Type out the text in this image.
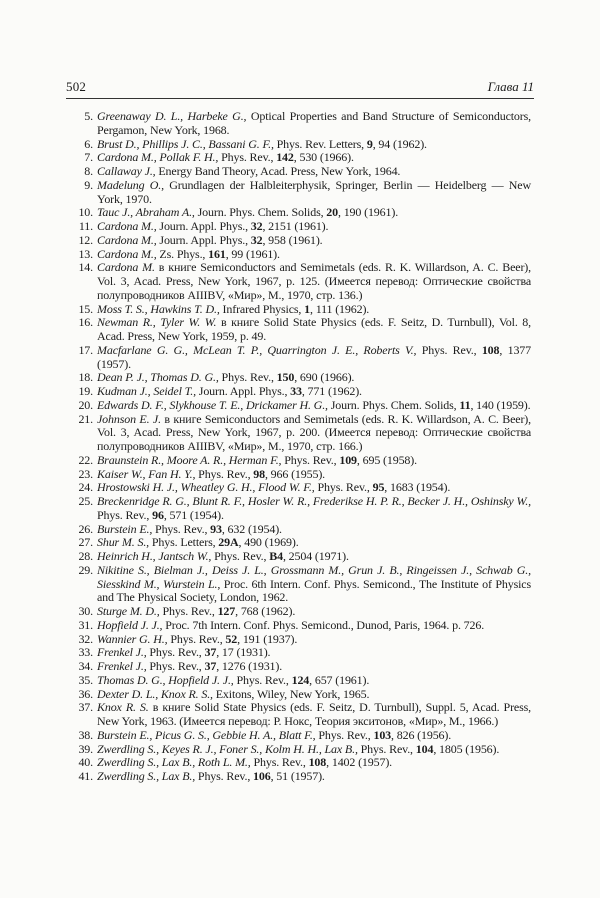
502	Глава 11
5. Greenaway D. L., Harbeke G., Optical Properties and Band Structure of Semiconductors, Pergamon, New York, 1968.
6. Brust D., Phillips J. C., Bassani G. F., Phys. Rev. Letters, 9, 94 (1962).
7. Cardona M., Pollak F. H., Phys. Rev., 142, 530 (1966).
8. Callaway J., Energy Band Theory, Acad. Press, New York, 1964.
9. Madelung O., Grundlagen der Halbleiterphysik, Springer, Berlin — Heidelberg — New York, 1970.
10. Tauc J., Abraham A., Journ. Phys. Chem. Solids, 20, 190 (1961).
11. Cardona M., Journ. Appl. Phys., 32, 2151 (1961).
12. Cardona M., Journ. Appl. Phys., 32, 958 (1961).
13. Cardona M., Zs. Phys., 161, 99 (1961).
14. Cardona M. в книге Semiconductors and Semimetals (eds. R. K. Willardson, A. C. Beer), Vol. 3, Acad. Press, New York, 1967, p. 125. (Имеется перевод: Оптические свойства полупроводников AIIIBV, «Мир», М., 1970, стр. 136.)
15. Moss T. S., Hawkins T. D., Infrared Physics, 1, 111 (1962).
16. Newman R., Tyler W. W. в книге Solid State Physics (eds. F. Seitz, D. Turnbull), Vol. 8, Acad. Press, New York, 1959, p. 49.
17. Macfarlane G. G., McLean T. P., Quarrington J. E., Roberts V., Phys. Rev., 108, 1377 (1957).
18. Dean P. J., Thomas D. G., Phys. Rev., 150, 690 (1966).
19. Kudman J., Seidel T., Journ. Appl. Phys., 33, 771 (1962).
20. Edwards D. F., Slykhouse T. E., Drickamer H. G., Journ. Phys. Chem. Solids, 11, 140 (1959).
21. Johnson E. J. в книге Semiconductors and Semimetals (eds. R. K. Willardson, A. C. Beer), Vol. 3, Acad. Press, New York, 1967, p. 200. (Имеется перевод: Оптические свойства полупроводников AIIIBV, «Мир», М., 1970, стр. 166.)
22. Braunstein R., Moore A. R., Herman F., Phys. Rev., 109, 695 (1958).
23. Kaiser W., Fan H. Y., Phys. Rev., 98, 966 (1955).
24. Hrostowski H. J., Wheatley G. H., Flood W. F., Phys. Rev., 95, 1683 (1954).
25. Breckenridge R. G., Blunt R. F., Hosler W. R., Frederikse H. P. R., Becker J. H., Oshinsky W., Phys. Rev., 96, 571 (1954).
26. Burstein E., Phys. Rev., 93, 632 (1954).
27. Shur M. S., Phys. Letters, 29A, 490 (1969).
28. Heinrich H., Jantsch W., Phys. Rev., B4, 2504 (1971).
29. Nikitine S., Bielman J., Deiss J. L., Grossmann M., Grun J. B., Ringeissen J., Schwab G., Siesskind M., Wurstein L., Proc. 6th Intern. Conf. Phys. Semicond., The Institute of Physics and The Physical Society, London, 1962.
30. Sturge M. D., Phys. Rev., 127, 768 (1962).
31. Hopfield J. J., Proc. 7th Intern. Conf. Phys. Semicond., Dunod, Paris, 1964. p. 726.
32. Wannier G. H., Phys. Rev., 52, 191 (1937).
33. Frenkel J., Phys. Rev., 37, 17 (1931).
34. Frenkel J., Phys. Rev., 37, 1276 (1931).
35. Thomas D. G., Hopfield J. J., Phys. Rev., 124, 657 (1961).
36. Dexter D. L., Knox R. S., Exitons, Wiley, New York, 1965.
37. Knox R. S. в книге Solid State Physics (eds. F. Seitz, D. Turnbull), Suppl. 5, Acad. Press, New York, 1963. (Имеется перевод: Р. Нокс, Теория экситонов, «Мир», М., 1966.)
38. Burstein E., Picus G. S., Gebbie H. A., Blatt F., Phys. Rev., 103, 826 (1956).
39. Zwerdling S., Keyes R. J., Foner S., Kolm H. H., Lax B., Phys. Rev., 104, 1805 (1956).
40. Zwerdling S., Lax B., Roth L. M., Phys. Rev., 108, 1402 (1957).
41. Zwerdling S., Lax B., Phys. Rev., 106, 51 (1957).
